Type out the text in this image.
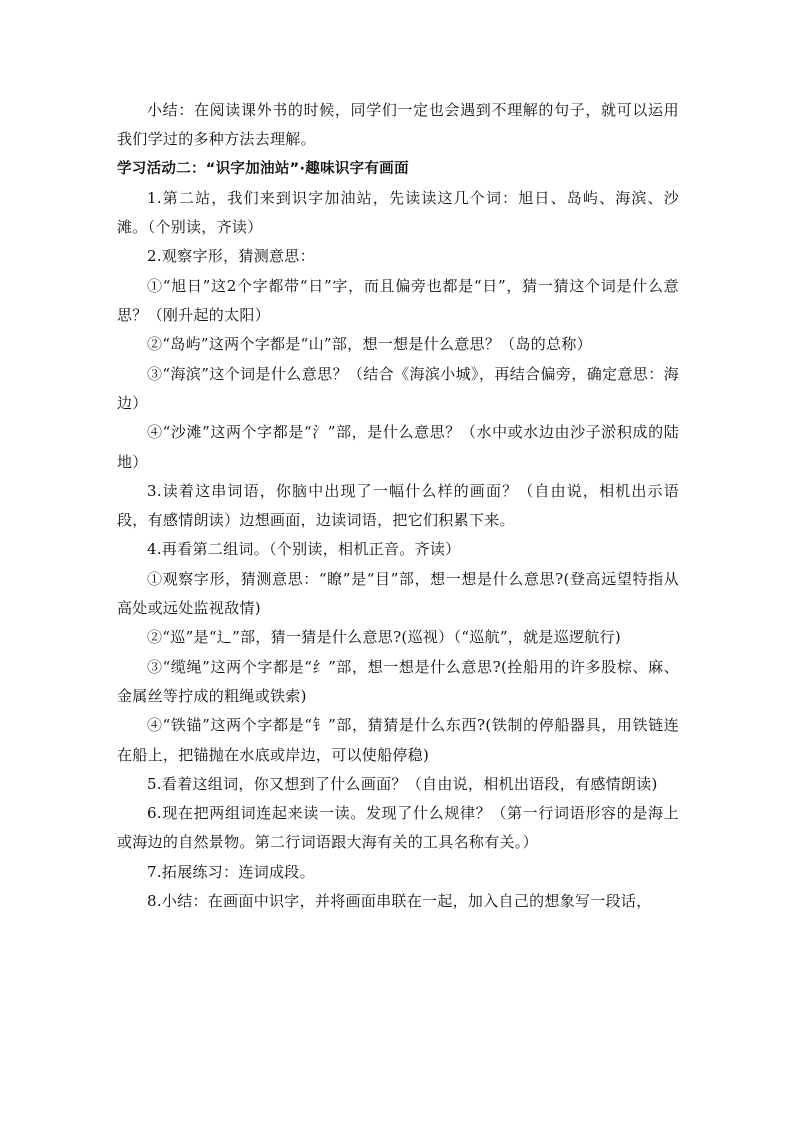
小结：在阅读课外书的时候，同学们一定也会遇到不理解的句子，就可以运用我们学过的多种方法去理解。

学习活动二：“识字加油站”·趣味识字有画面

1.第二站，我们来到识字加油站，先读读这几个词：旭日、岛屿、海滨、沙滩。（个别读，齐读）

2.观察字形，猜测意思：

①“旭日”这2个字都带“日”字，而且偏旁也都是“日”，猜一猜这个词是什么意思？（刚升起的太阳）

②“岛屿”这两个字都是“山”部，想一想是什么意思？（岛的总称）

③“海滨”这个词是什么意思？（结合《海滨小城》，再结合偏旁，确定意思：海边）

④“沙滩”这两个字都是“氵”部，是什么意思？（水中或水边由沙子淤积成的陆地）

3.读着这串词语，你脑中出现了一幅什么样的画面？（自由说，相机出示语段，有感情朗读）边想画面，边读词语，把它们积累下来。

4.再看第二组词。（个别读，相机正音。齐读）

①观察字形，猜测意思：“瞭”是“目”部，想一想是什么意思?(登高远望特指从高处或远处监视敌情)

②“巡”是“辶”部，猜一猜是什么意思?(巡视）（“巡航”，就是巡逻航行)

③“缆绳”这两个字都是“纟”部，想一想是什么意思?(拴船用的许多股棕、麻、金属丝等拧成的粗绳或铁索)

④“铁锚”这两个字都是“钅”部，猜猜是什么东西?(铁制的停船器具，用铁链连在船上，把锚抛在水底或岸边，可以使船停稳)

5.看着这组词，你又想到了什么画面？（自由说，相机出语段，有感情朗读)

6.现在把两组词连起来读一读。发现了什么规律？（第一行词语形容的是海上或海边的自然景物。第二行词语跟大海有关的工具名称有关。）

7.拓展练习：连词成段。

8.小结：在画面中识字，并将画面串联在一起，加入自己的想象写一段话，
